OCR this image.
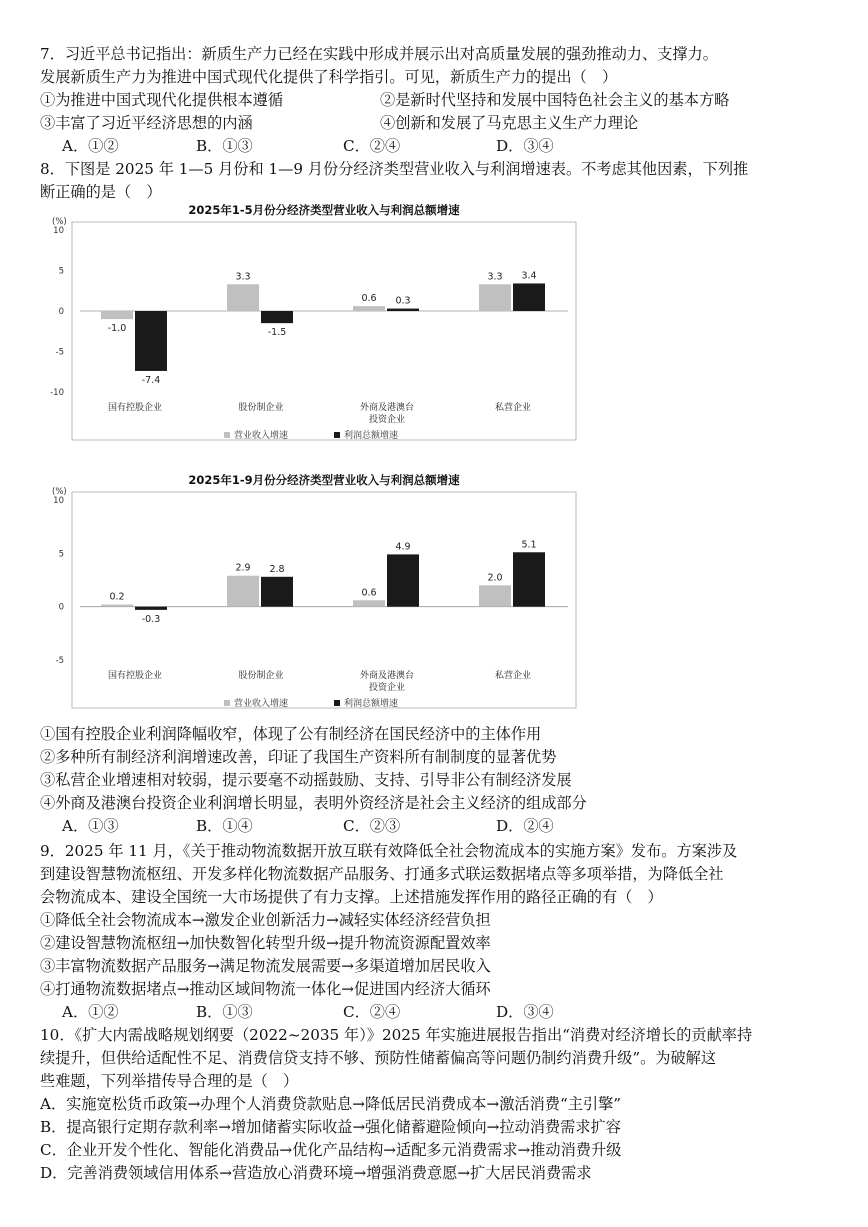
7．习近平总书记指出：新质生产力已经在实践中形成并展示出对高质量发展的强劲推动力、支撑力。
发展新质生产力为推进中国式现代化提供了科学指引。可见，新质生产力的提出（　）
①为推进中国式现代化提供根本遵循	②是新时代坚持和发展中国特色社会主义的基本方略
③丰富了习近平经济思想的内涵	④创新和发展了马克思主义生产力理论
A．①②	B．①③	C．②④	D．③④
8．下图是 2025 年 1—5 月份和 1—9 月份分经济类型营业收入与利润增速表。不考虑其他因素，下列推
断正确的是（　）
2025年1-5月份分经济类型营业收入与利润总额增速
(%)
10
5
0
-5
-10
-1.0
-7.4
国有控股企业
3.3
-1.5
股份制企业
0.6 0.3
外商及港澳台
投资企业
3.3 3.4
私营企业
营业收入增速	利润总额增速
2025年1-9月份分经济类型营业收入与利润总额增速
(%)
10
5
0
-5
0.2
-0.3
国有控股企业
2.9 2.8
股份制企业
0.6
4.9
外商及港澳台
投资企业
2.0
5.1
私营企业
营业收入增速	利润总额增速
①国有控股企业利润降幅收窄，体现了公有制经济在国民经济中的主体作用
②多种所有制经济利润增速改善，印证了我国生产资料所有制制度的显著优势
③私营企业增速相对较弱，提示要毫不动摇鼓励、支持、引导非公有制经济发展
④外商及港澳台投资企业利润增长明显，表明外资经济是社会主义经济的组成部分
A．①③	B．①④	C．②③	D．②④
9．2025 年 11 月，《关于推动物流数据开放互联有效降低全社会物流成本的实施方案》发布。方案涉及
到建设智慧物流枢纽、开发多样化物流数据产品服务、打通多式联运数据堵点等多项举措，为降低全社
会物流成本、建设全国统一大市场提供了有力支撑。上述措施发挥作用的路径正确的有（　）
①降低全社会物流成本→激发企业创新活力→减轻实体经济经营负担
②建设智慧物流枢纽→加快数智化转型升级→提升物流资源配置效率
③丰富物流数据产品服务→满足物流发展需要→多渠道增加居民收入
④打通物流数据堵点→推动区域间物流一体化→促进国内经济大循环
A．①②	B．①③	C．②④	D．③④
10．《扩大内需战略规划纲要（2022~2035 年）》2025 年实施进展报告指出“消费对经济增长的贡献率持
续提升，但供给适配性不足、消费信贷支持不够、预防性储蓄偏高等问题仍制约消费升级”。为破解这
些难题，下列举措传导合理的是（　）
A．实施宽松货币政策→办理个人消费贷款贴息→降低居民消费成本→激活消费“主引擎”
B．提高银行定期存款利率→增加储蓄实际收益→强化储蓄避险倾向→拉动消费需求扩容
C．企业开发个性化、智能化消费品→优化产品结构→适配多元消费需求→推动消费升级
D．完善消费领域信用体系→营造放心消费环境→增强消费意愿→扩大居民消费需求
